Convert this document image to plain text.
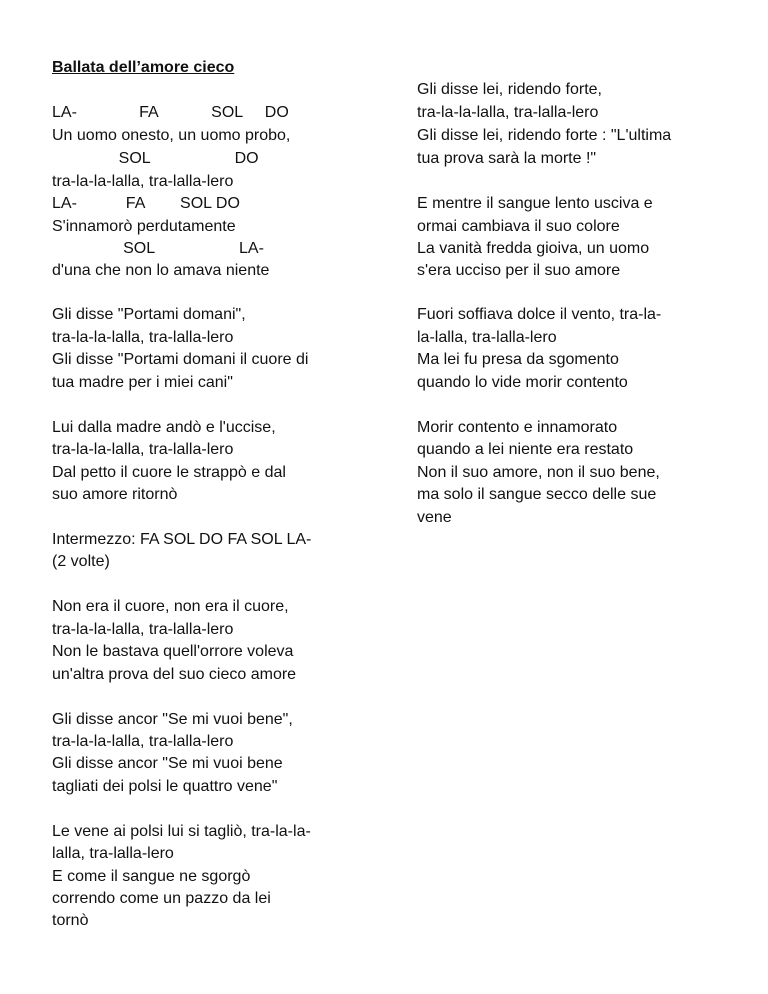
Ballata dell’amore cieco
LA-              FA            SOL     DO
Un uomo onesto, un uomo probo,
SOL                   DO
tra-la-la-lalla, tra-lalla-lero
LA-           FA        SOL DO
S'innamorò perdutamente
SOL                   LA-
d'una che non lo amava niente
Gli disse "Portami domani",
tra-la-la-lalla, tra-lalla-lero
Gli disse "Portami domani il cuore di
tua madre per i miei cani"
Lui dalla madre andò e l'uccise,
tra-la-la-lalla, tra-lalla-lero
Dal petto il cuore le strappò e dal
suo amore ritornò
Intermezzo: FA SOL DO FA SOL LA-
(2 volte)
Non era il cuore, non era il cuore,
tra-la-la-lalla, tra-lalla-lero
Non le bastava quell'orrore voleva
un'altra prova del suo cieco amore
Gli disse ancor "Se mi vuoi bene",
tra-la-la-lalla, tra-lalla-lero
Gli disse ancor "Se mi vuoi bene
tagliati dei polsi le quattro vene"
Le vene ai polsi lui si tagliò, tra-la-la-
lalla, tra-lalla-lero
E come il sangue ne sgorgò
correndo come un pazzo da lei
tornò
Gli disse lei, ridendo forte,
tra-la-la-lalla, tra-lalla-lero
Gli disse lei, ridendo forte : "L'ultima
tua prova sarà la morte !"
E mentre il sangue lento usciva e
ormai cambiava il suo colore
La vanità fredda gioiva, un uomo
s'era ucciso per il suo amore
Fuori soffiava dolce il vento, tra-la-
la-lalla, tra-lalla-lero
Ma lei fu presa da sgomento
quando lo vide morir contento
Morir contento e innamorato
quando a lei niente era restato
Non il suo amore, non il suo bene,
ma solo il sangue secco delle sue
vene
